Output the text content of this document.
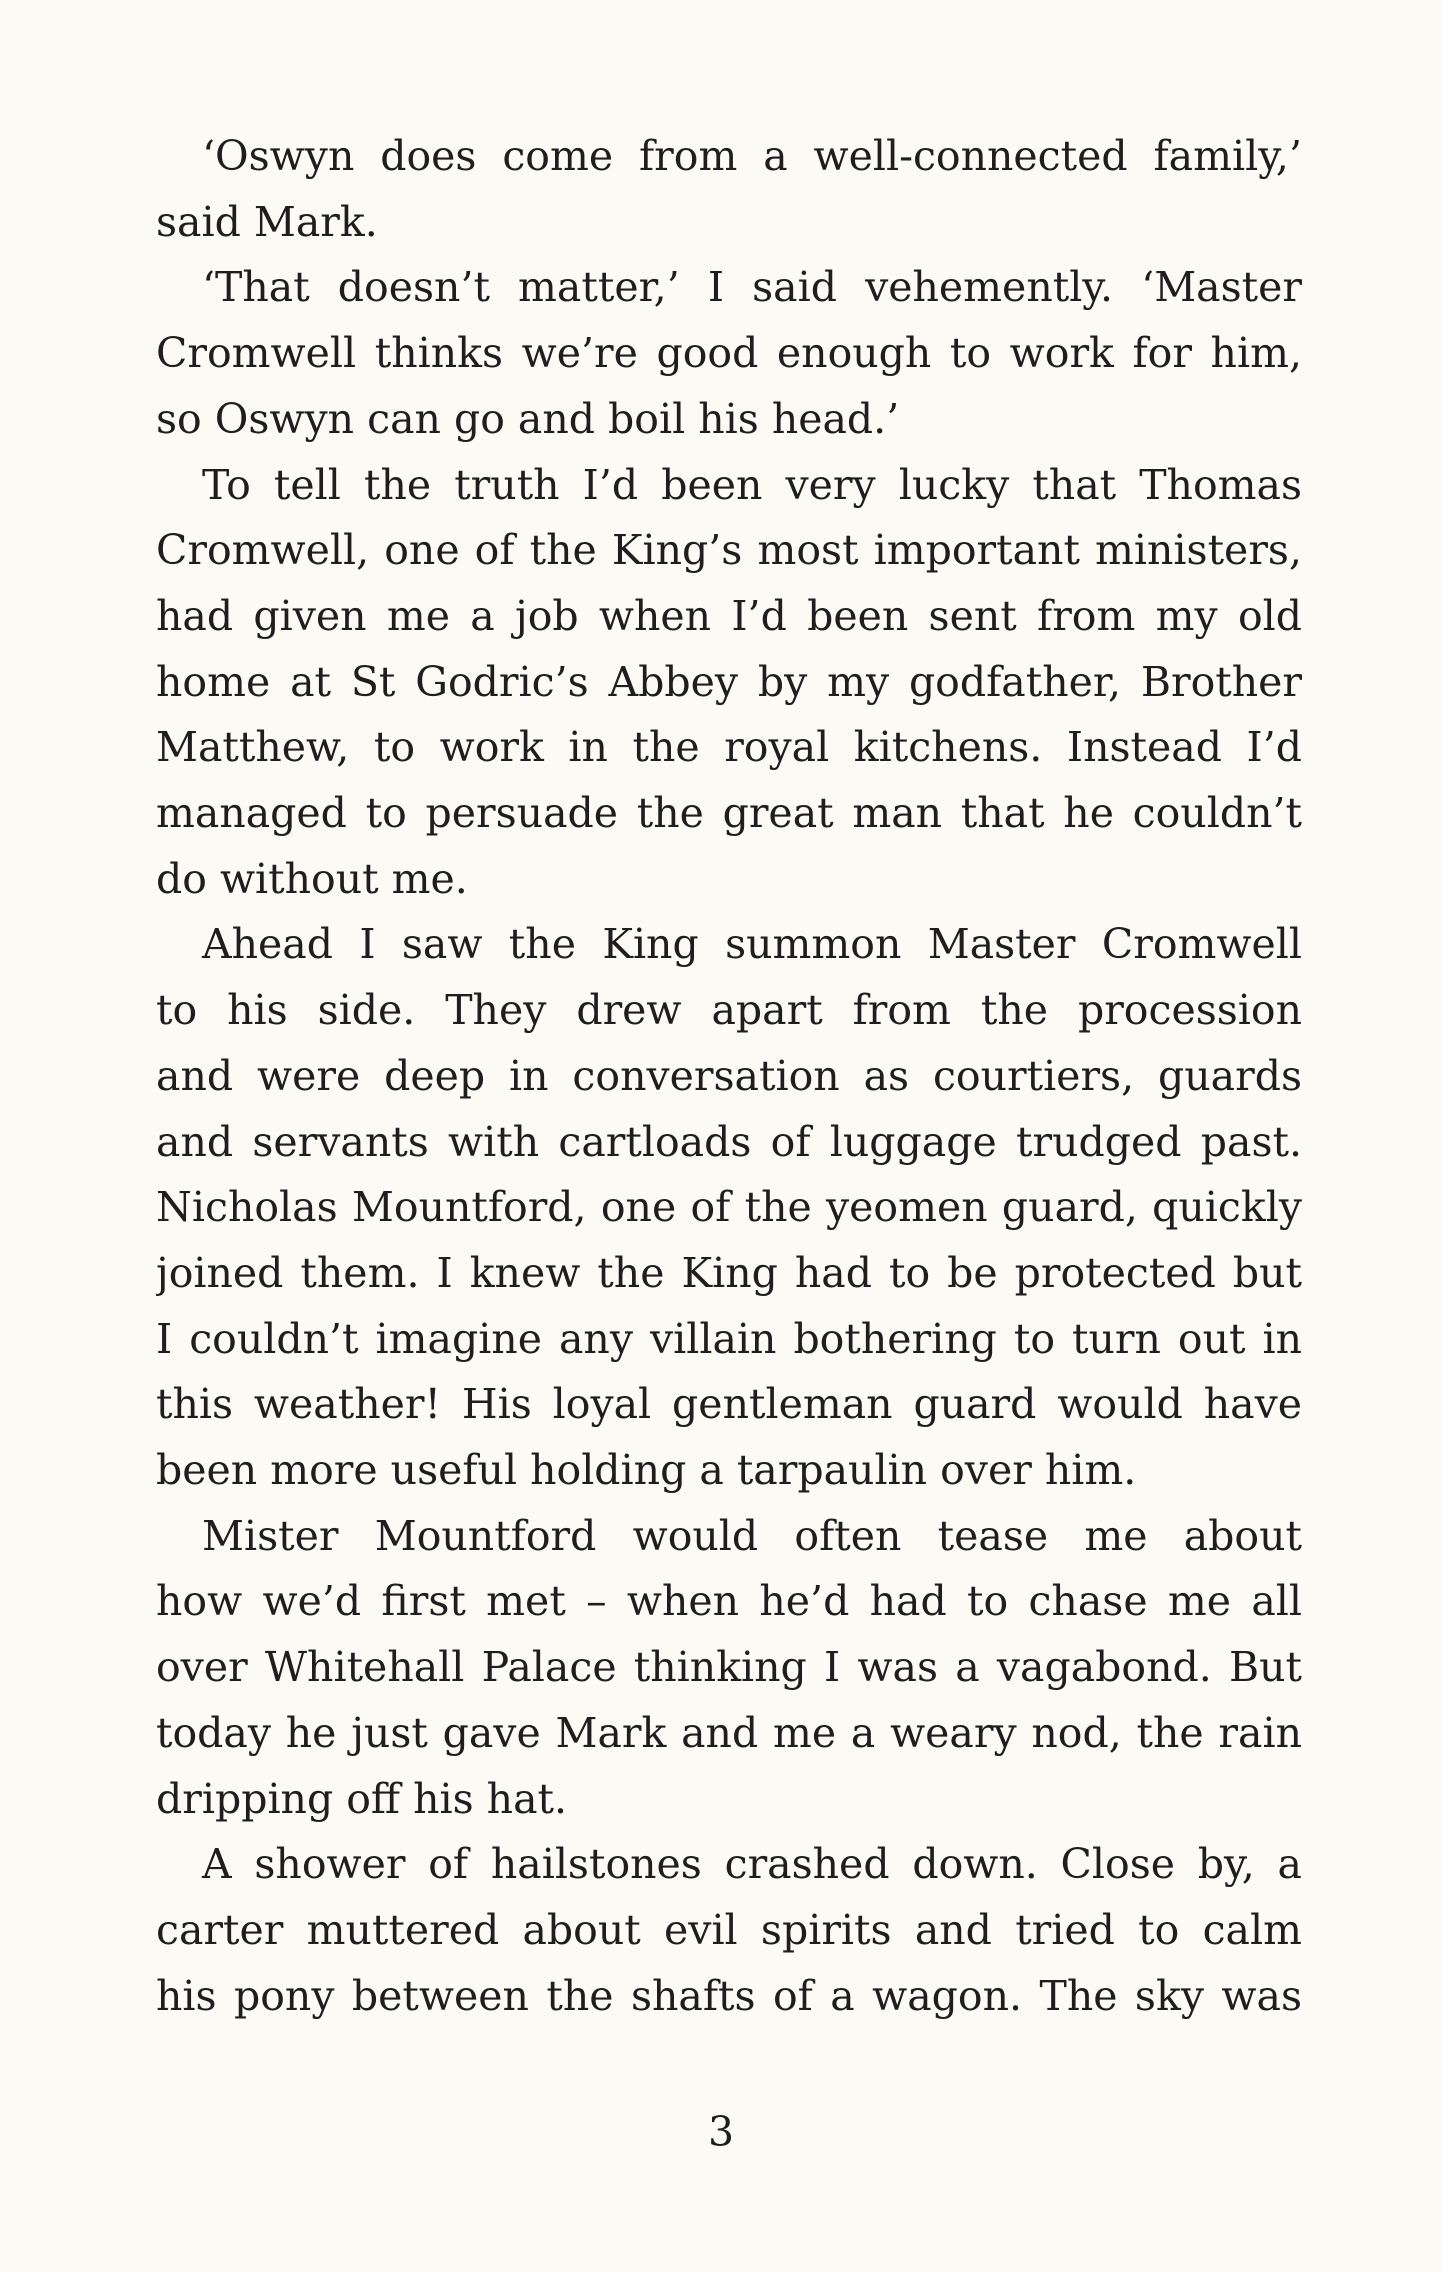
‘Oswyn does come from a well-connected family,’
said Mark.
‘That doesn’t matter,’ I said vehemently. ‘Master
Cromwell thinks we’re good enough to work for him,
so Oswyn can go and boil his head.’
To tell the truth I’d been very lucky that Thomas
Cromwell, one of the King’s most important ministers,
had given me a job when I’d been sent from my old
home at St Godric’s Abbey by my godfather, Brother
Matthew, to work in the royal kitchens. Instead I’d
managed to persuade the great man that he couldn’t
do without me.
Ahead I saw the King summon Master Cromwell
to his side. They drew apart from the procession
and were deep in conversation as courtiers, guards
and servants with cartloads of luggage trudged past.
Nicholas Mountford, one of the yeomen guard, quickly
joined them. I knew the King had to be protected but
I couldn’t imagine any villain bothering to turn out in
this weather! His loyal gentleman guard would have
been more useful holding a tarpaulin over him.
Mister Mountford would often tease me about
how we’d first met – when he’d had to chase me all
over Whitehall Palace thinking I was a vagabond. But
today he just gave Mark and me a weary nod, the rain
dripping off his hat.
A shower of hailstones crashed down. Close by, a
carter muttered about evil spirits and tried to calm
his pony between the shafts of a wagon. The sky was
3
